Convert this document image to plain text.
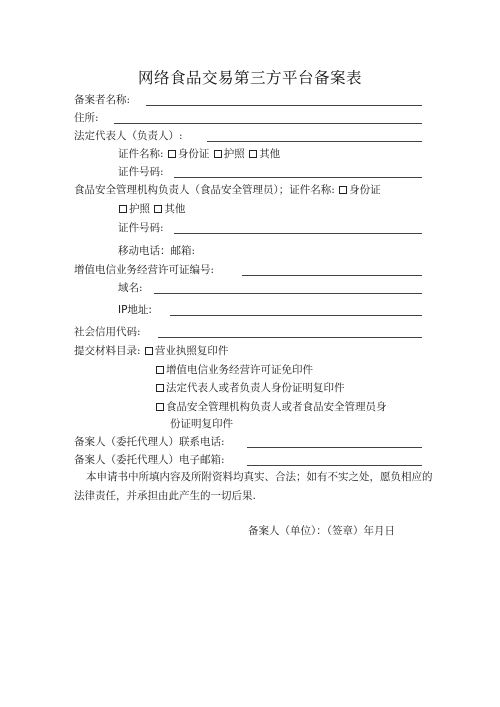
网络食品交易第三方平台备案表
备案者名称:
住所:
法定代表人（负责人）:
证件名称: 身份证 护照 其他
证件号码:
食品安全管理机构负责人（食品安全管理员）；证件名称: 身份证
护照 其他
证件号码:
移动电话：邮箱:
增值电信业务经营许可证编号:
域名:
IP地址:
社会信用代码:
提交材料目录: 营业执照复印件
增值电信业务经营许可证免印件
法定代表人或者负责人身份证明复印件
食品安全管理机构负责人或者食品安全管理员身
份证明复印件
备案人（委托代理人）联系电话:
备案人（委托代理人）电子邮箱:
本申请书中所填内容及所附资料均真实、合法；如有不实之处，愿负相应的法律责任，并承担由此产生的一切后果.
备案人（单位）：（签章）年月日
